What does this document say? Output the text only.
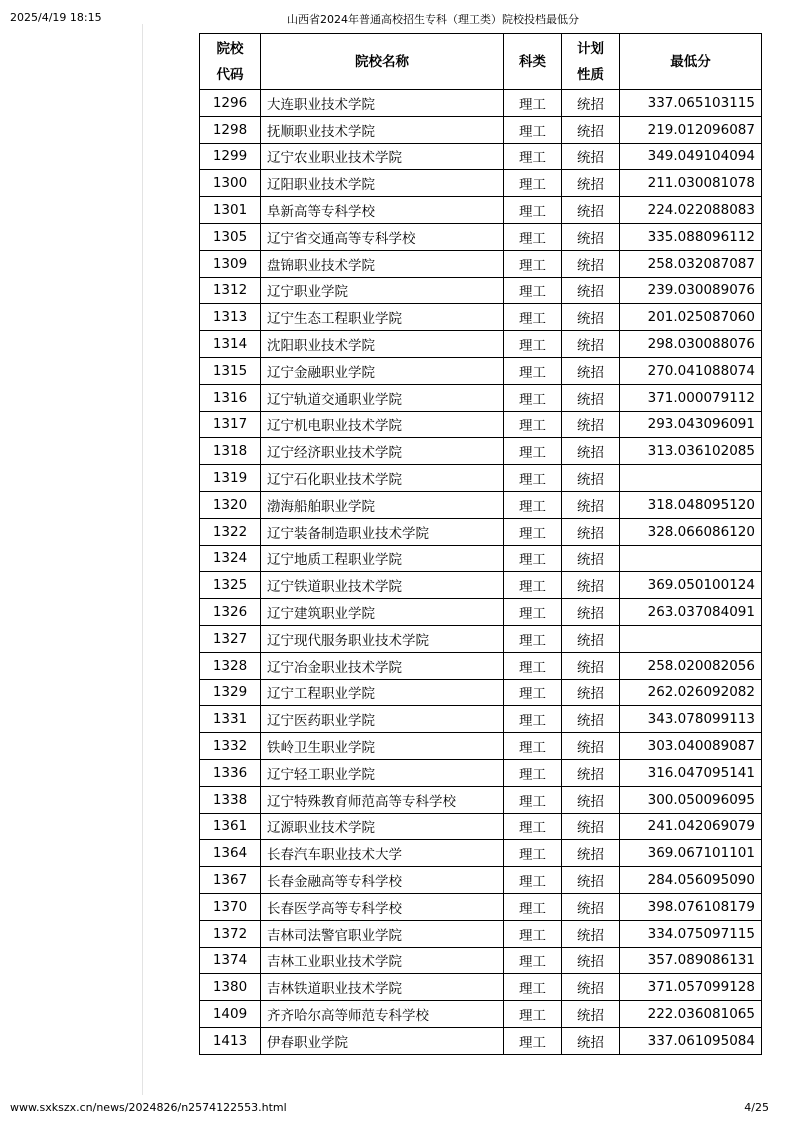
2025/4/19 18:15	山西省2024年普通高校招生专科（理工类）院校投档最低分
院校
代码	院校名称	科类	计划
性质	最低分
1296	大连职业技术学院	理工	统招	337.065103115
1298	抚顺职业技术学院	理工	统招	219.012096087
1299	辽宁农业职业技术学院	理工	统招	349.049104094
1300	辽阳职业技术学院	理工	统招	211.030081078
1301	阜新高等专科学校	理工	统招	224.022088083
1305	辽宁省交通高等专科学校	理工	统招	335.088096112
1309	盘锦职业技术学院	理工	统招	258.032087087
1312	辽宁职业学院	理工	统招	239.030089076
1313	辽宁生态工程职业学院	理工	统招	201.025087060
1314	沈阳职业技术学院	理工	统招	298.030088076
1315	辽宁金融职业学院	理工	统招	270.041088074
1316	辽宁轨道交通职业学院	理工	统招	371.000079112
1317	辽宁机电职业技术学院	理工	统招	293.043096091
1318	辽宁经济职业技术学院	理工	统招	313.036102085
1319	辽宁石化职业技术学院	理工	统招	
1320	渤海船舶职业学院	理工	统招	318.048095120
1322	辽宁装备制造职业技术学院	理工	统招	328.066086120
1324	辽宁地质工程职业学院	理工	统招	
1325	辽宁铁道职业技术学院	理工	统招	369.050100124
1326	辽宁建筑职业学院	理工	统招	263.037084091
1327	辽宁现代服务职业技术学院	理工	统招	
1328	辽宁冶金职业技术学院	理工	统招	258.020082056
1329	辽宁工程职业学院	理工	统招	262.026092082
1331	辽宁医药职业学院	理工	统招	343.078099113
1332	铁岭卫生职业学院	理工	统招	303.040089087
1336	辽宁轻工职业学院	理工	统招	316.047095141
1338	辽宁特殊教育师范高等专科学校	理工	统招	300.050096095
1361	辽源职业技术学院	理工	统招	241.042069079
1364	长春汽车职业技术大学	理工	统招	369.067101101
1367	长春金融高等专科学校	理工	统招	284.056095090
1370	长春医学高等专科学校	理工	统招	398.076108179
1372	吉林司法警官职业学院	理工	统招	334.075097115
1374	吉林工业职业技术学院	理工	统招	357.089086131
1380	吉林铁道职业技术学院	理工	统招	371.057099128
1409	齐齐哈尔高等师范专科学校	理工	统招	222.036081065
1413	伊春职业学院	理工	统招	337.061095084
www.sxkszx.cn/news/2024826/n2574122553.html	4/25
